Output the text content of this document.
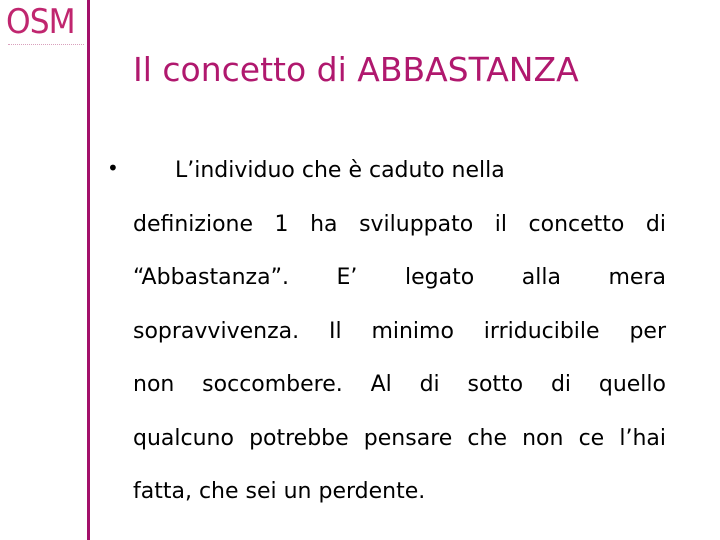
OSM
Il concetto di ABBASTANZA
•	L’individuo che è caduto nella
definizione 1 ha sviluppato il concetto di
“Abbastanza”. E’ legato alla mera
sopravvivenza. Il minimo irriducibile per
non soccombere. Al di sotto di quello
qualcuno potrebbe pensare che non ce l’hai
fatta, che sei un perdente.
